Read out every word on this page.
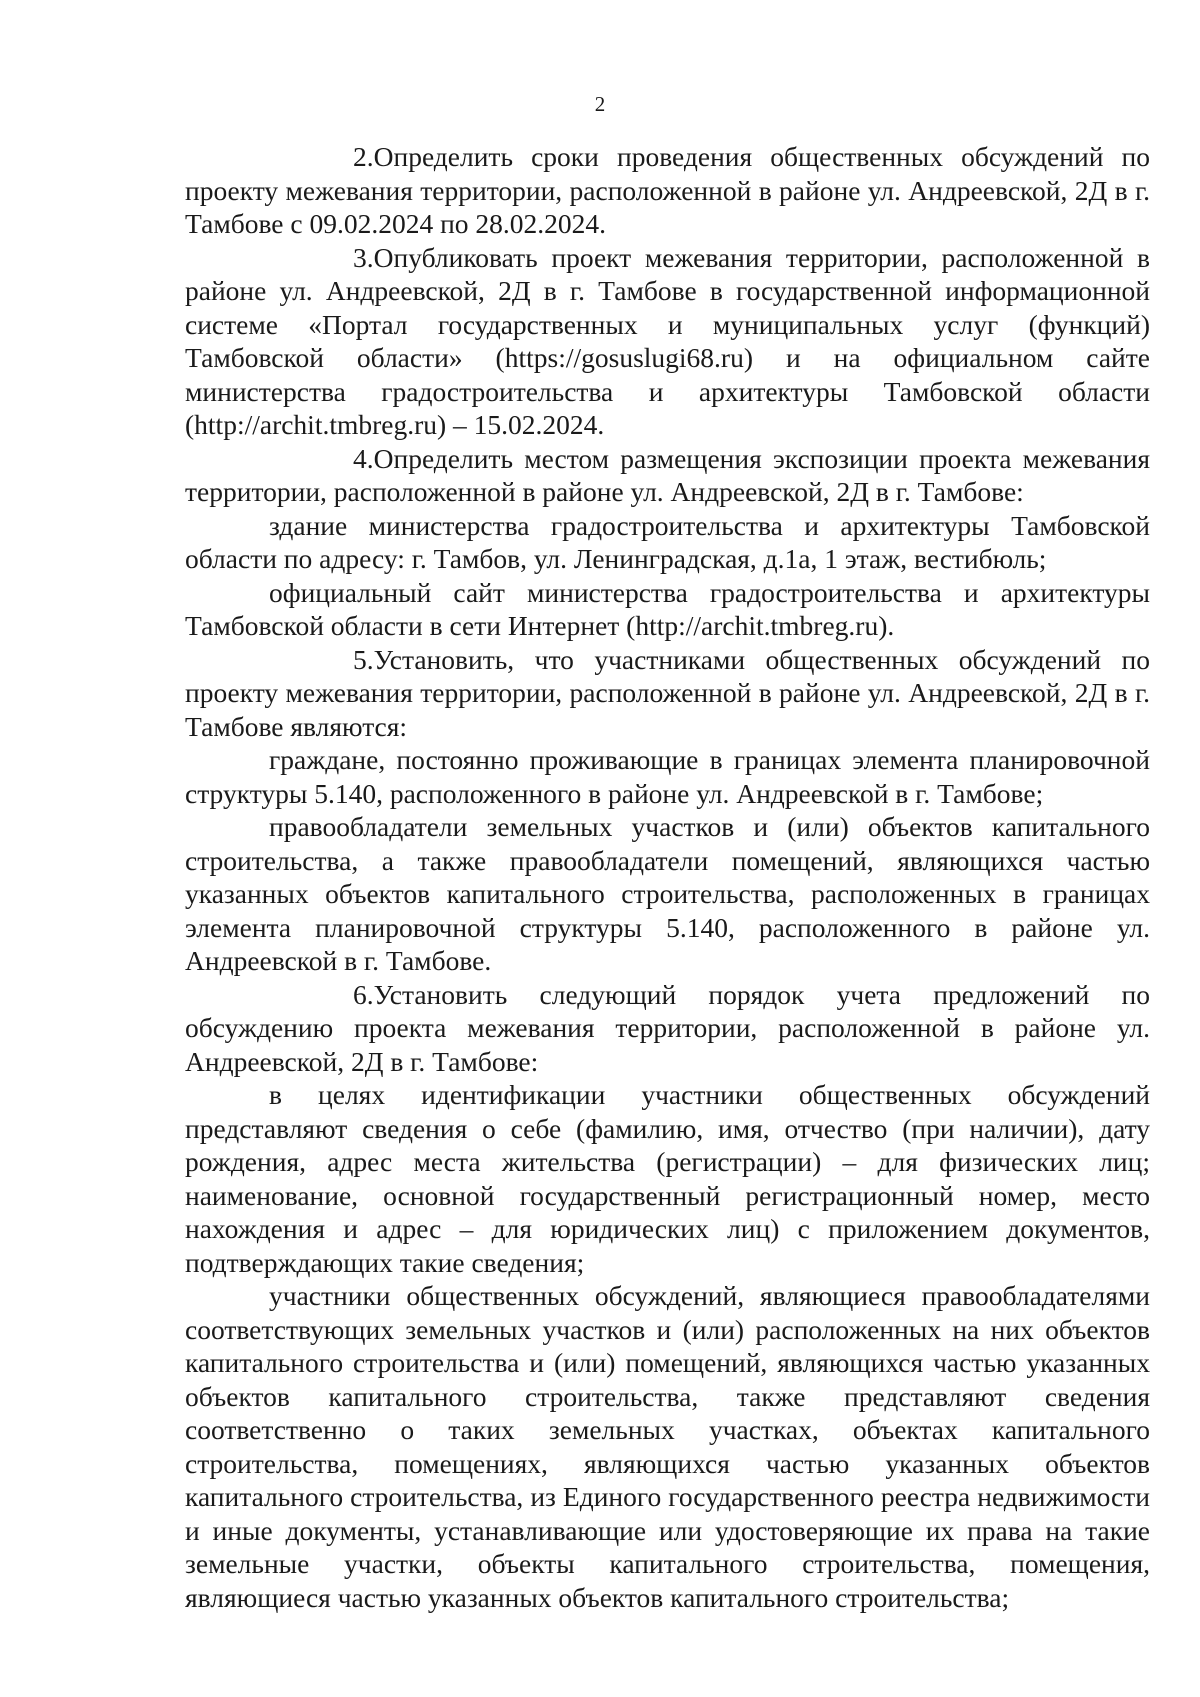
2

2.Определить сроки проведения общественных обсуждений по проекту межевания территории, расположенной в районе ул. Андреевской, 2Д в г. Тамбове с 09.02.2024 по 28.02.2024.

3.Опубликовать проект межевания территории, расположенной в районе ул. Андреевской, 2Д в г. Тамбове в государственной информационной системе «Портал государственных и муниципальных услуг (функций) Тамбовской области» (https://gosuslugi68.ru) и на официальном сайте министерства градостроительства и архитектуры Тамбовской области (http://archit.tmbreg.ru) – 15.02.2024.

4.Определить местом размещения экспозиции проекта межевания территории, расположенной в районе ул. Андреевской, 2Д в г. Тамбове:

здание министерства градостроительства и архитектуры Тамбовской области по адресу: г. Тамбов, ул. Ленинградская, д.1а, 1 этаж, вестибюль;

официальный сайт министерства градостроительства и архитектуры Тамбовской области в сети Интернет (http://archit.tmbreg.ru).

5.Установить, что участниками общественных обсуждений по проекту межевания территории, расположенной в районе ул. Андреевской, 2Д в г. Тамбове являются:

граждане, постоянно проживающие в границах элемента планировочной структуры 5.140, расположенного в районе ул. Андреевской в г. Тамбове;

правообладатели земельных участков и (или) объектов капитального строительства, а также правообладатели помещений, являющихся частью указанных объектов капитального строительства, расположенных в границах элемента планировочной структуры 5.140, расположенного в районе ул. Андреевской в г. Тамбове.

6.Установить следующий порядок учета предложений по обсуждению проекта межевания территории, расположенной в районе ул. Андреевской, 2Д в г. Тамбове:

в целях идентификации участники общественных обсуждений представляют сведения о себе (фамилию, имя, отчество (при наличии), дату рождения, адрес места жительства (регистрации) – для физических лиц; наименование, основной государственный регистрационный номер, место нахождения и адрес – для юридических лиц) с приложением документов, подтверждающих такие сведения;

участники общественных обсуждений, являющиеся правообладателями соответствующих земельных участков и (или) расположенных на них объектов капитального строительства и (или) помещений, являющихся частью указанных объектов капитального строительства, также представляют сведения соответственно о таких земельных участках, объектах капитального строительства, помещениях, являющихся частью указанных объектов капитального строительства, из Единого государственного реестра недвижимости и иные документы, устанавливающие или удостоверяющие их права на такие земельные участки, объекты капитального строительства, помещения, являющиеся частью указанных объектов капитального строительства;
